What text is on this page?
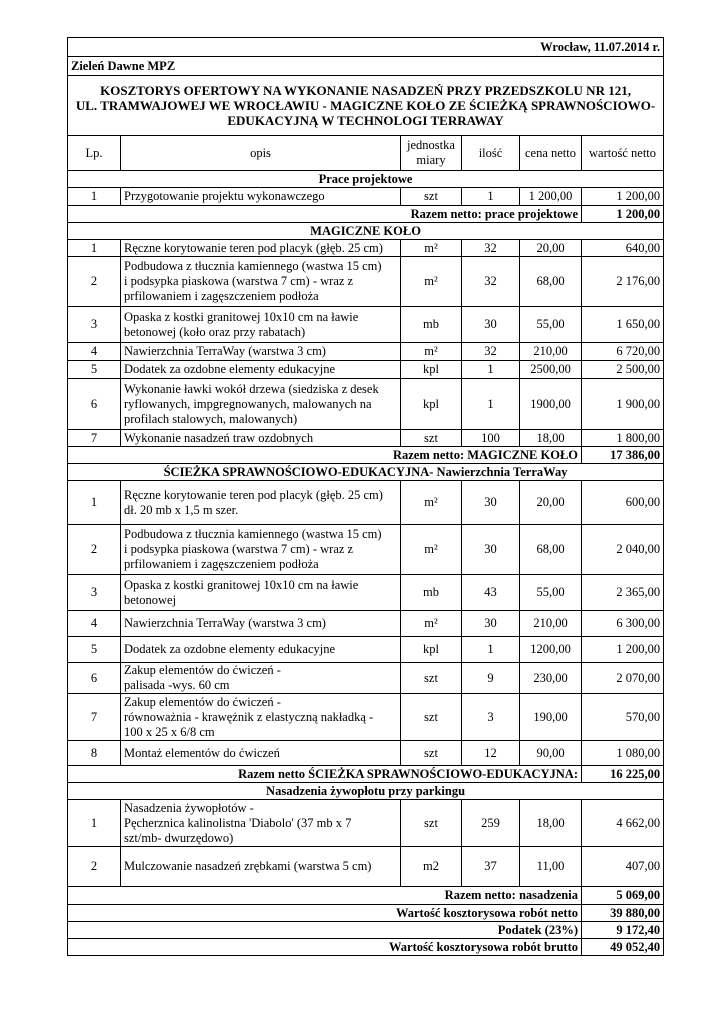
Wrocław, 11.07.2014 r.					
Zieleń Dawne MPZ					

KOSZTORYS OFERTOWY NA WYKONANIE NASADZEŃ PRZY PRZEDSZKOLU NR 121,
UL. TRAMWAJOWEJ WE WROCŁAWIU - MAGICZNE KOŁO ZE ŚCIEŻKĄ SPRAWNOŚCIOWO-
EDUKACYJNĄ W TECHNOLOGI TERRAWAY					

Lp.	opis	jednostka
miary	ilość	cena netto	wartość netto
Prace projektowe					
1	Przygotowanie projektu wykonawczego	szt	1	1 200,00	1 200,00
Razem netto: prace projektowe					1 200,00
MAGICZNE KOŁO					
1	Ręczne korytowanie teren pod placyk (głęb. 25 cm)	m²	32	20,00	640,00
2	Podbudowa z tłucznia kamiennego (wastwa 15 cm)
i podsypka piaskowa (warstwa 7 cm) - wraz z
prfilowaniem i zagęszczeniem podłoża	m²	32	68,00	2 176,00
3	Opaska z kostki granitowej 10x10 cm na ławie
betonowej (koło oraz przy rabatach)	mb	30	55,00	1 650,00
4	Nawierzchnia TerraWay (warstwa 3 cm)	m²	32	210,00	6 720,00
5	Dodatek za ozdobne elementy edukacyjne	kpl	1	2500,00	2 500,00
6	Wykonanie ławki wokół drzewa (siedziska z desek
ryflowanych, impgregnowanych, malowanych na
profilach stalowych, malowanych)	kpl	1	1900,00	1 900,00
7	Wykonanie nasadzeń traw ozdobnych	szt	100	18,00	1 800,00
Razem netto: MAGICZNE KOŁO					17 386,00
ŚCIEŻKA SPRAWNOŚCIOWO-EDUKACYJNA- Nawierzchnia TerraWay					
1	Ręczne korytowanie teren pod placyk (głęb. 25 cm)
dł. 20 mb x 1,5 m szer.	m²	30	20,00	600,00
2	Podbudowa z tłucznia kamiennego (wastwa 15 cm)
i podsypka piaskowa (warstwa 7 cm) - wraz z
prfilowaniem i zagęszczeniem podłoża	m²	30	68,00	2 040,00
3	Opaska z kostki granitowej 10x10 cm na ławie
betonowej	mb	43	55,00	2 365,00
4	Nawierzchnia TerraWay (warstwa 3 cm)	m²	30	210,00	6 300,00
5	Dodatek za ozdobne elementy edukacyjne	kpl	1	1200,00	1 200,00
6	Zakup elementów do ćwiczeń -
palisada -wys. 60 cm	szt	9	230,00	2 070,00
7	Zakup elementów do ćwiczeń -
równoważnia - krawężnik z elastyczną nakładką -
100 x 25 x 6/8 cm	szt	3	190,00	570,00
8	Montaż elementów do ćwiczeń	szt	12	90,00	1 080,00
Razem netto ŚCIEŻKA SPRAWNOŚCIOWO-EDUKACYJNA:					16 225,00
Nasadzenia żywopłotu przy parkingu					
1	Nasadzenia żywopłotów -
Pęcherznica kalinolistna 'Diabolo' (37 mb x 7
szt/mb- dwurzędowo)	szt	259	18,00	4 662,00
2	Mulczowanie nasadzeń zrębkami (warstwa 5 cm)	m2	37	11,00	407,00
Razem netto: nasadzenia					5 069,00
Wartość kosztorysowa robót netto					39 880,00
Podatek (23%)					9 172,40
Wartość kosztorysowa robót brutto					49 052,40
